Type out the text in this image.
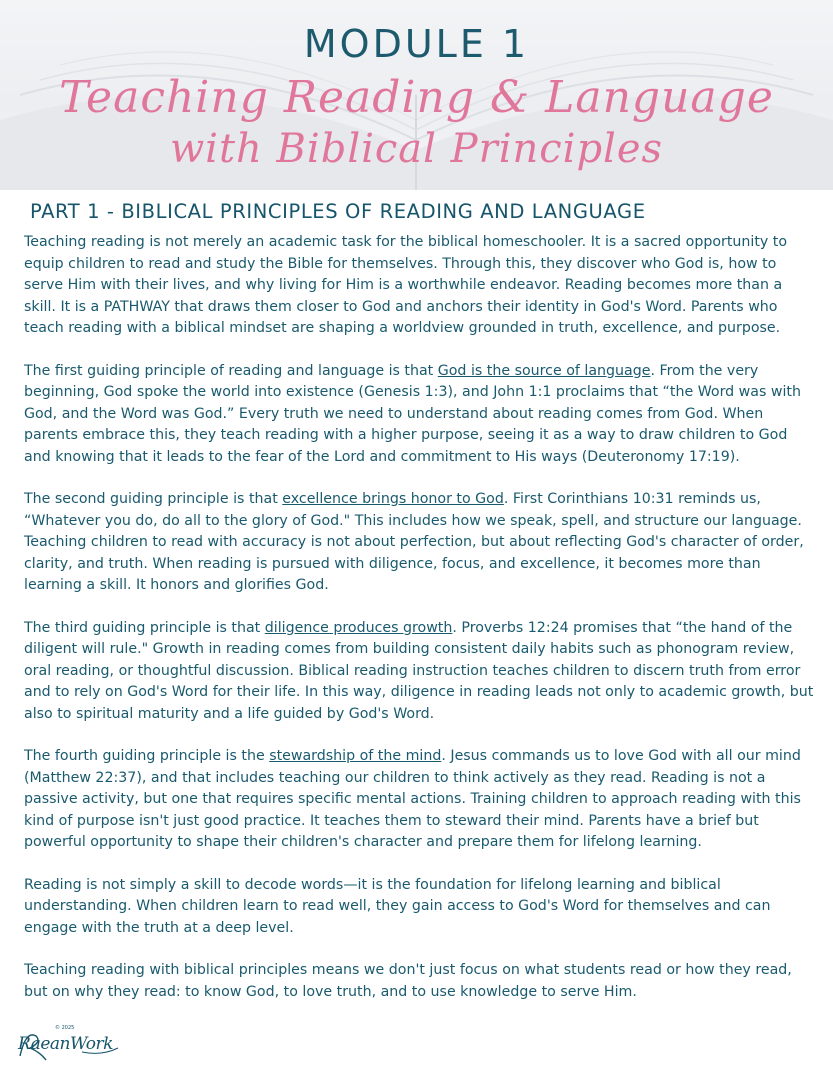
MODULE 1
Teaching Reading & Language
with Biblical Principles
PART 1 - BIBLICAL PRINCIPLES OF READING AND LANGUAGE

Teaching reading is not merely an academic task for the biblical homeschooler. It is a sacred opportunity to equip children to read and study the Bible for themselves. Through this, they discover who God is, how to serve Him with their lives, and why living for Him is a worthwhile endeavor. Reading becomes more than a skill. It is a PATHWAY that draws them closer to God and anchors their identity in God's Word. Parents who teach reading with a biblical mindset are shaping a worldview grounded in truth, excellence, and purpose.

The first guiding principle of reading and language is that God is the source of language. From the very beginning, God spoke the world into existence (Genesis 1:3), and John 1:1 proclaims that “the Word was with God, and the Word was God.” Every truth we need to understand about reading comes from God. When parents embrace this, they teach reading with a higher purpose, seeing it as a way to draw children to God and knowing that it leads to the fear of the Lord and commitment to His ways (Deuteronomy 17:19).

The second guiding principle is that excellence brings honor to God. First Corinthians 10:31 reminds us, “Whatever you do, do all to the glory of God." This includes how we speak, spell, and structure our language. Teaching children to read with accuracy is not about perfection, but about reflecting God's character of order, clarity, and truth. When reading is pursued with diligence, focus, and excellence, it becomes more than learning a skill. It honors and glorifies God.

The third guiding principle is that diligence produces growth. Proverbs 12:24 promises that “the hand of the diligent will rule." Growth in reading comes from building consistent daily habits such as phonogram review, oral reading, or thoughtful discussion. Biblical reading instruction teaches children to discern truth from error and to rely on God's Word for their life. In this way, diligence in reading leads not only to academic growth, but also to spiritual maturity and a life guided by God's Word.

The fourth guiding principle is the stewardship of the mind. Jesus commands us to love God with all our mind (Matthew 22:37), and that includes teaching our children to think actively as they read. Reading is not a passive activity, but one that requires specific mental actions. Training children to approach reading with this kind of purpose isn't just good practice. It teaches them to steward their mind. Parents have a brief but powerful opportunity to shape their children's character and prepare them for lifelong learning.

Reading is not simply a skill to decode words—it is the foundation for lifelong learning and biblical understanding. When children learn to read well, they gain access to God's Word for themselves and can engage with the truth at a deep level.

Teaching reading with biblical principles means we don't just focus on what students read or how they read, but on why they read: to know God, to love truth, and to use knowledge to serve Him.

© 2025
RaeanWork
